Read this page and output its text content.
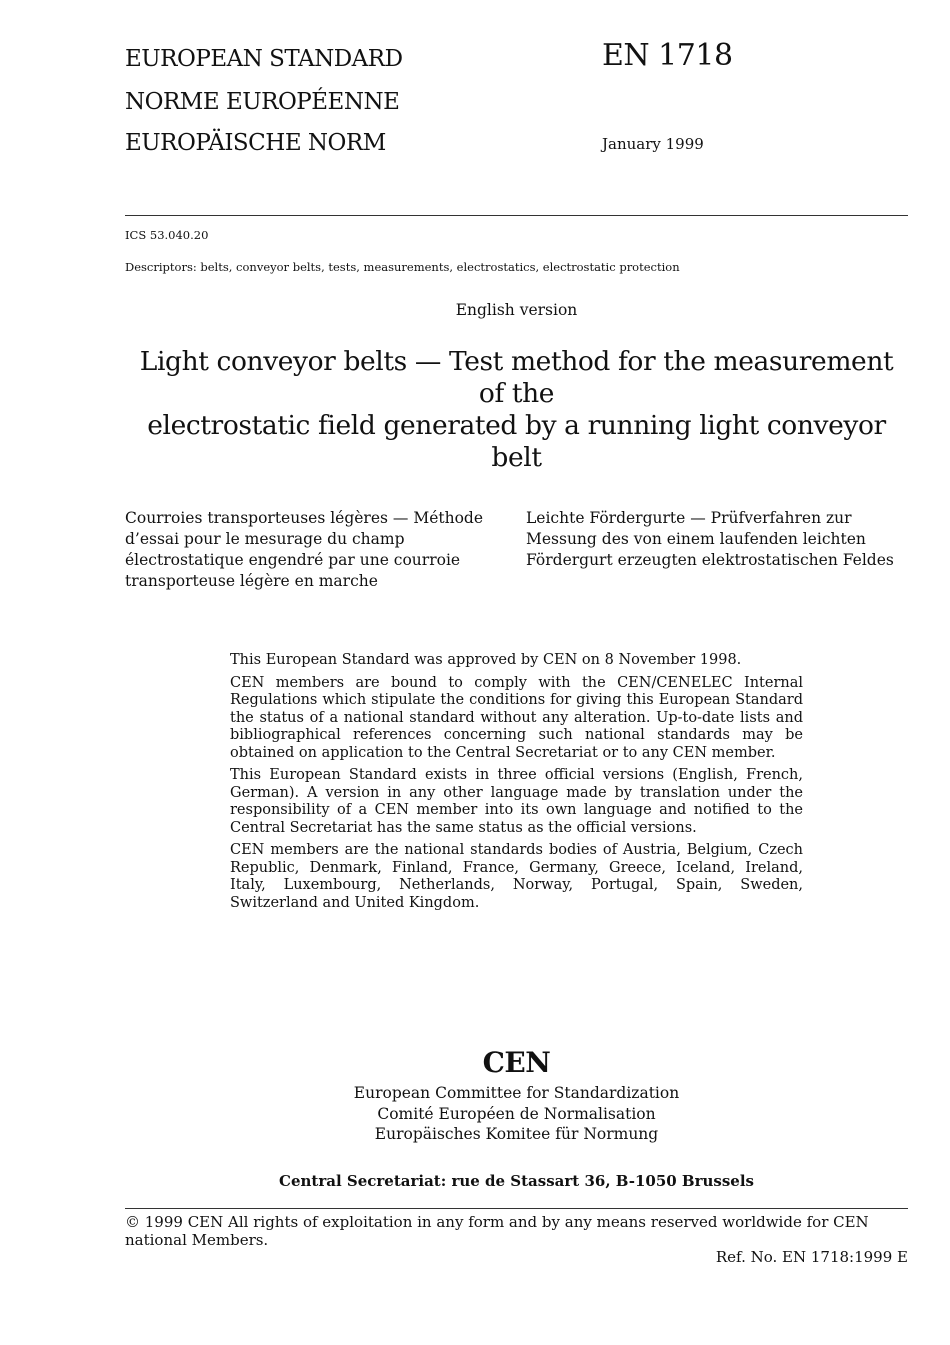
EUROPEAN STANDARD
NORME EUROPÉENNE
EUROPÄISCHE NORM
EN 1718
January 1999
ICS 53.040.20
Descriptors: belts, conveyor belts, tests, measurements, electrostatics, electrostatic protection
English version
Light conveyor belts — Test method for the measurement of the
electrostatic field generated by a running light conveyor belt
Courroies transporteuses légères — Méthode d’essai pour le mesurage du champ électrostatique engendré par une courroie transporteuse légère en marche
Leichte Fördergurte — Prüfverfahren zur Messung des von einem laufenden leichten Fördergurt erzeugten elektrostatischen Feldes

This European Standard was approved by CEN on 8 November 1998.

CEN members are bound to comply with the CEN/CENELEC Internal Regulations which stipulate the conditions for giving this European Standard the status of a national standard without any alteration. Up-to-date lists and bibliographical references concerning such national standards may be obtained on application to the Central Secretariat or to any CEN member.

This European Standard exists in three official versions (English, French, German). A version in any other language made by translation under the responsibility of a CEN member into its own language and notified to the Central Secretariat has the same status as the official versions.

CEN members are the national standards bodies of Austria, Belgium, Czech Republic, Denmark, Finland, France, Germany, Greece, Iceland, Ireland, Italy, Luxembourg, Netherlands, Norway, Portugal, Spain, Sweden, Switzerland and United Kingdom.

CEN
European Committee for Standardization
Comité Européen de Normalisation
Europäisches Komitee für Normung
Central Secretariat: rue de Stassart 36, B-1050 Brussels
© 1999 CEN All rights of exploitation in any form and by any means reserved worldwide for CEN national Members.
Ref. No. EN 1718:1999 E
